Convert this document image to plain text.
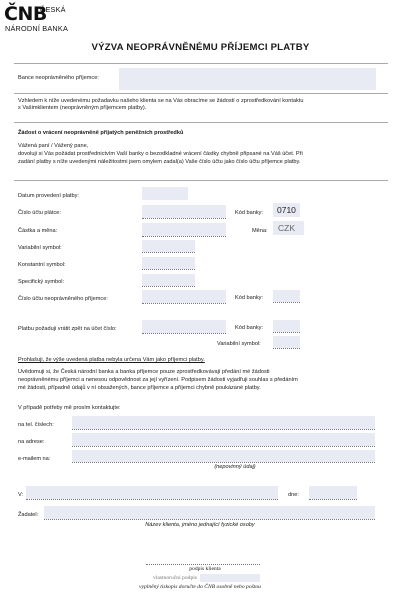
ČNB
ČESKÁ
NÁRODNÍ BANKA
VÝZVA NEOPRÁVNĚNÉMU PŘÍJEMCI PLATBY
Bance neoprávněného příjemce:
Vzhledem k níže uvedenému požadavku našeho klienta se na Vás obracíme se žádostí o zprostředkování kontaktu
s Vašimklientem (neoprávněným příjemcem platby).
Žádost o vrácení neoprávněně přijatých peněžních prostředků
Vážená paní / Vážený pane,
dovoluji si Vás požádat prostřednictvím Vaší banky o bezodkladné vrácení částky chybně připsané na Váš účet. Při
zadání platby s níže uvedenými náležitostmi jsem omylem zadal(a) Vaše číslo účtu jako číslo účtu příjemce platby.
Datum provedení platby:
Číslo účtu plátce:	Kód banky: 0710
Částka a měna:	Měna: CZK
Variabilní symbol:
Konstantní symbol:
Specifický symbol:
Číslo účtu neoprávněného příjemce:	Kód banky:
Platbu požaduji vrátit zpět na účet číslo:	Kód banky:
Variabilní symbol:
Prohlašuji, že výše uvedená platba nebyla určena Vám jako příjemci platby.
Uvědomuji si, že Česká národní banka a banka příjemce pouze zprostředkovávají předání mé žádosti
neoprávněnému příjemci a nenesou odpovědnost za její vyřízení. Podpisem žádosti vyjadřuji souhlas s předáním
mé žádosti, případně údajů v ní obsažených, bance příjemce a příjemci chybně poukázané platby.
V případě potřeby mě prosím kontaktujte:
na tel. číslech:
na adrese:
e-mailem na:
(nepovinný údaj)
V:	dne:
Žadatel:
Název klienta, jméno jednající fyzické osoby
podpis klienta
vlastnoruční podpis
vyplněný tiskopis doručte do ČNB osobně nebo poštou
